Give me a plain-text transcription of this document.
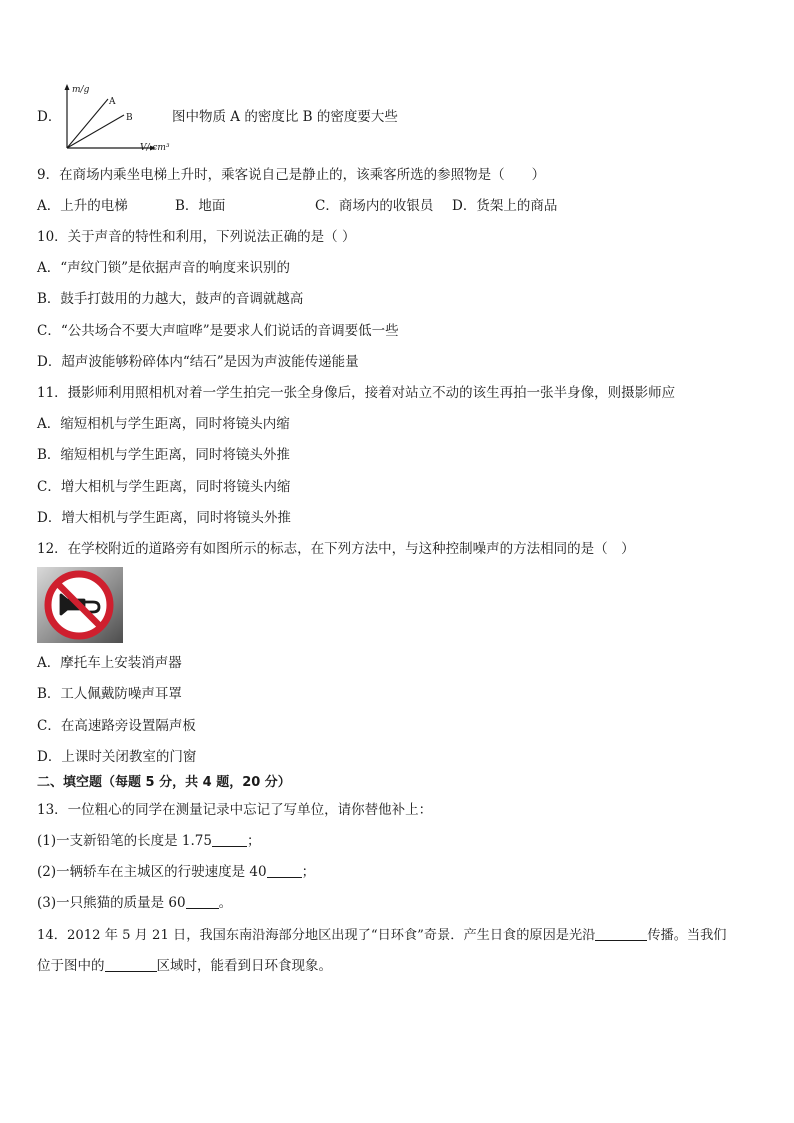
D．
m/g
A
B
V/ cm³
图中物质 A 的密度比 B 的密度要大些
9．在商场内乘坐电梯上升时，乘客说自己是静止的，该乘客所选的参照物是（　　）
A．上升的电梯	B．地面	C．商场内的收银员 D．货架上的商品
10．关于声音的特性和利用，下列说法正确的是（ ）
A．“声纹门锁”是依据声音的响度来识别的
B．鼓手打鼓用的力越大，鼓声的音调就越高
C．“公共场合不要大声喧哗”是要求人们说话的音调要低一些
D．超声波能够粉碎体内“结石”是因为声波能传递能量
11．摄影师利用照相机对着一学生拍完一张全身像后，接着对站立不动的该生再拍一张半身像，则摄影师应
A．缩短相机与学生距离，同时将镜头内缩
B．缩短相机与学生距离，同时将镜头外推
C．增大相机与学生距离，同时将镜头内缩
D．增大相机与学生距离，同时将镜头外推
12．在学校附近的道路旁有如图所示的标志，在下列方法中，与这种控制噪声的方法相同的是（　）
A．摩托车上安装消声器
B．工人佩戴防噪声耳罩
C．在高速路旁设置隔声板
D．上课时关闭教室的门窗
二、填空题（每题 5 分，共 4 题，20 分）
13．一位粗心的同学在测量记录中忘记了写单位，请你替他补上：
(1)一支新铅笔的长度是 1.75	；
(2)一辆轿车在主城区的行驶速度是 40	；
(3)一只熊猫的质量是 60 。
14．2012 年 5 月 21 日，我国东南沿海部分地区出现了“日环食”奇景．产生日食的原因是光沿	传播。当我们
位于图中的	区域时，能看到日环食现象。
